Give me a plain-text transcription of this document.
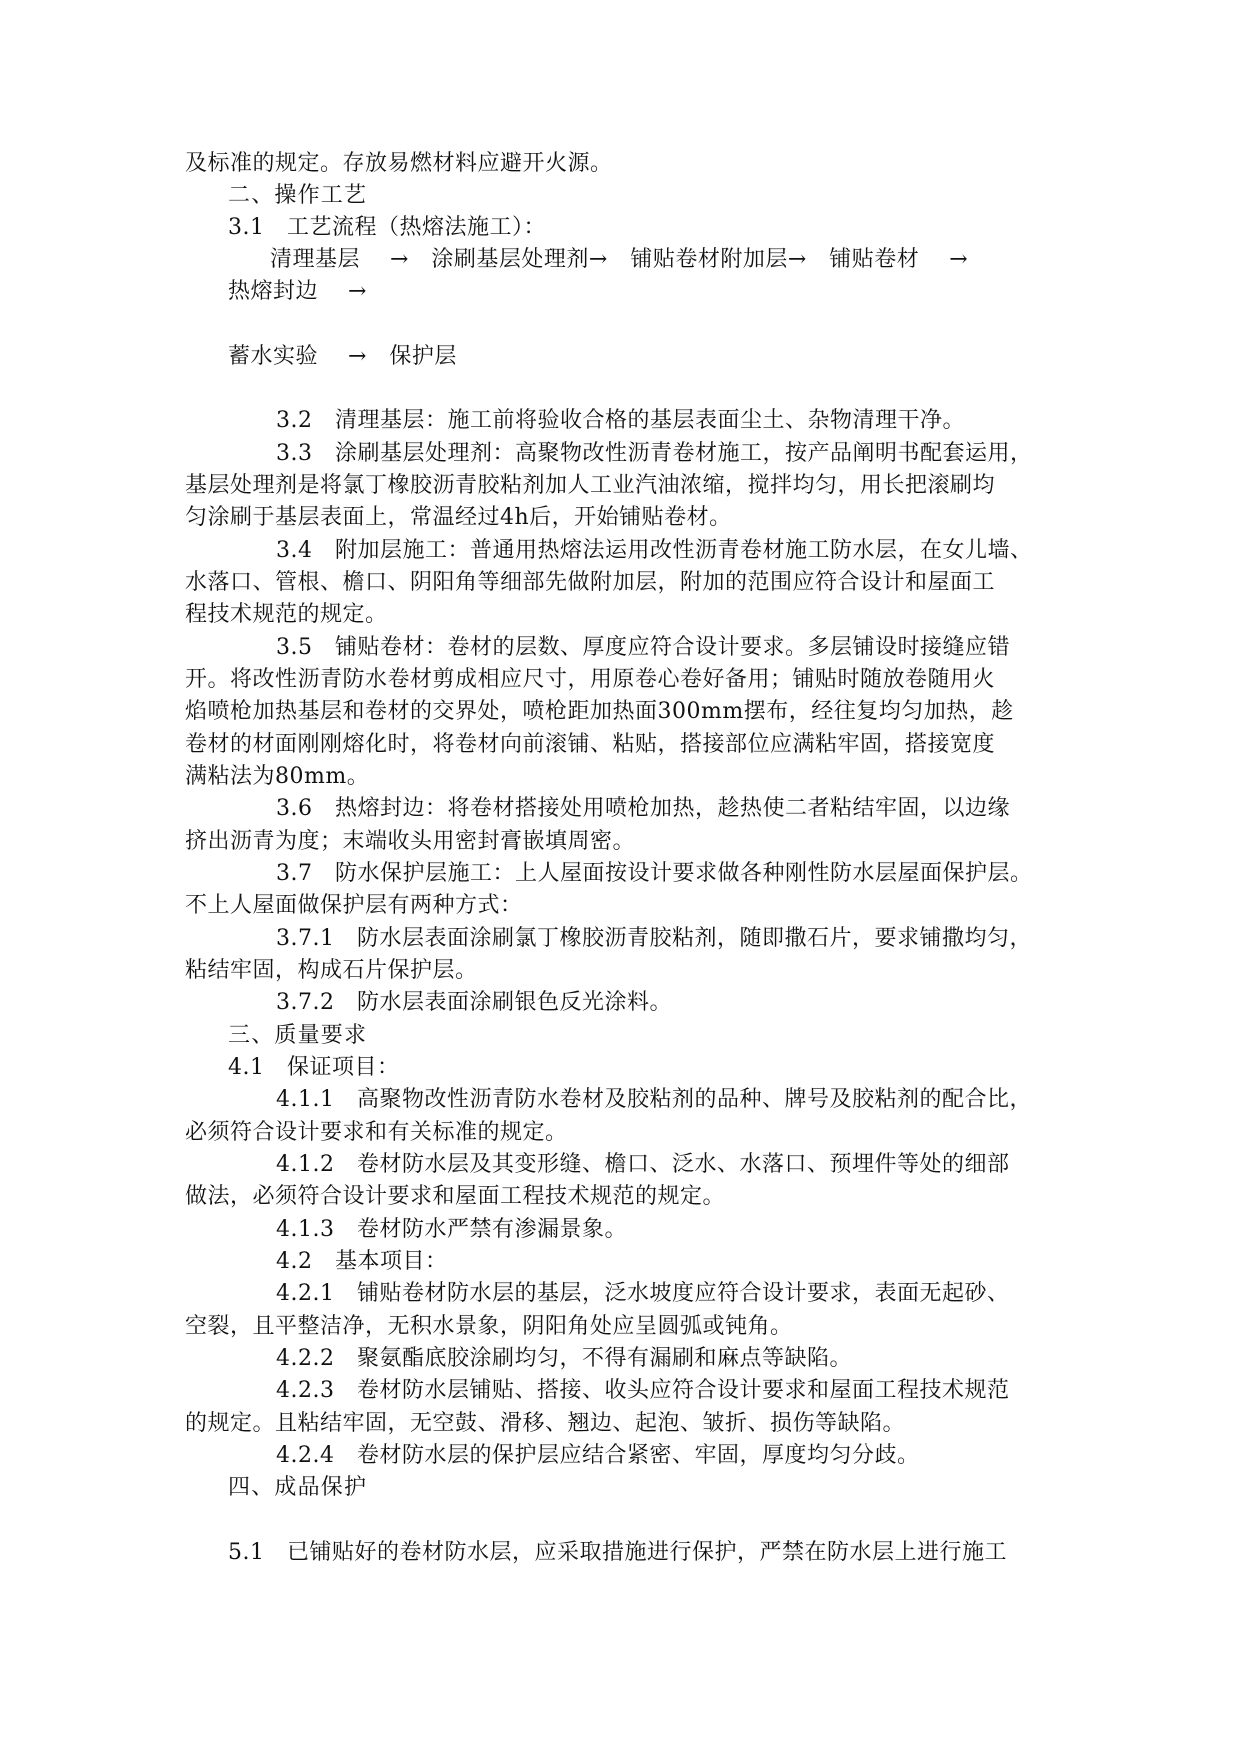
及标准的规定。存放易燃材料应避开火源。
二、操作工艺
3.1　工艺流程（热熔法施工）：
清理基层　 →　涂刷基层处理剂→　铺贴卷材附加层→　铺贴卷材　 →
热熔封边　 →
蓄水实验　 →　保护层
3.2　清理基层：施工前将验收合格的基层表面尘土、杂物清理干净。
3.3　涂刷基层处理剂：高聚物改性沥青卷材施工，按产品阐明书配套运用，
基层处理剂是将氯丁橡胶沥青胶粘剂加人工业汽油浓缩，搅拌均匀，用长把滚刷均
匀涂刷于基层表面上，常温经过4h后，开始铺贴卷材。
3.4　附加层施工：普通用热熔法运用改性沥青卷材施工防水层，在女儿墙、
水落口、管根、檐口、阴阳角等细部先做附加层，附加的范围应符合设计和屋面工
程技术规范的规定。
3.5　铺贴卷材：卷材的层数、厚度应符合设计要求。多层铺设时接缝应错
开。将改性沥青防水卷材剪成相应尺寸，用原卷心卷好备用；铺贴时随放卷随用火
焰喷枪加热基层和卷材的交界处，喷枪距加热面300mm摆布，经往复均匀加热，趁
卷材的材面刚刚熔化时，将卷材向前滚铺、粘贴，搭接部位应满粘牢固，搭接宽度
满粘法为80mm。
3.6　热熔封边：将卷材搭接处用喷枪加热，趁热使二者粘结牢固，以边缘
挤出沥青为度；末端收头用密封膏嵌填周密。
3.7　防水保护层施工：上人屋面按设计要求做各种刚性防水层屋面保护层。
不上人屋面做保护层有两种方式：
3.7.1　防水层表面涂刷氯丁橡胶沥青胶粘剂，随即撒石片，要求铺撒均匀，
粘结牢固，构成石片保护层。
3.7.2　防水层表面涂刷银色反光涂料。
三、质量要求
4.1　保证项目：
4.1.1　高聚物改性沥青防水卷材及胶粘剂的品种、牌号及胶粘剂的配合比，
必须符合设计要求和有关标准的规定。
4.1.2　卷材防水层及其变形缝、檐口、泛水、水落口、预埋件等处的细部
做法，必须符合设计要求和屋面工程技术规范的规定。
4.1.3　卷材防水严禁有渗漏景象。
4.2　基本项目：
4.2.1　铺贴卷材防水层的基层，泛水坡度应符合设计要求，表面无起砂、
空裂，且平整洁净，无积水景象，阴阳角处应呈圆弧或钝角。
4.2.2　聚氨酯底胶涂刷均匀，不得有漏刷和麻点等缺陷。
4.2.3　卷材防水层铺贴、搭接、收头应符合设计要求和屋面工程技术规范
的规定。且粘结牢固，无空鼓、滑移、翘边、起泡、皱折、损伤等缺陷。
4.2.4　卷材防水层的保护层应结合紧密、牢固，厚度均匀分歧。
四、成品保护
5.1　已铺贴好的卷材防水层，应采取措施进行保护，严禁在防水层上进行施工
